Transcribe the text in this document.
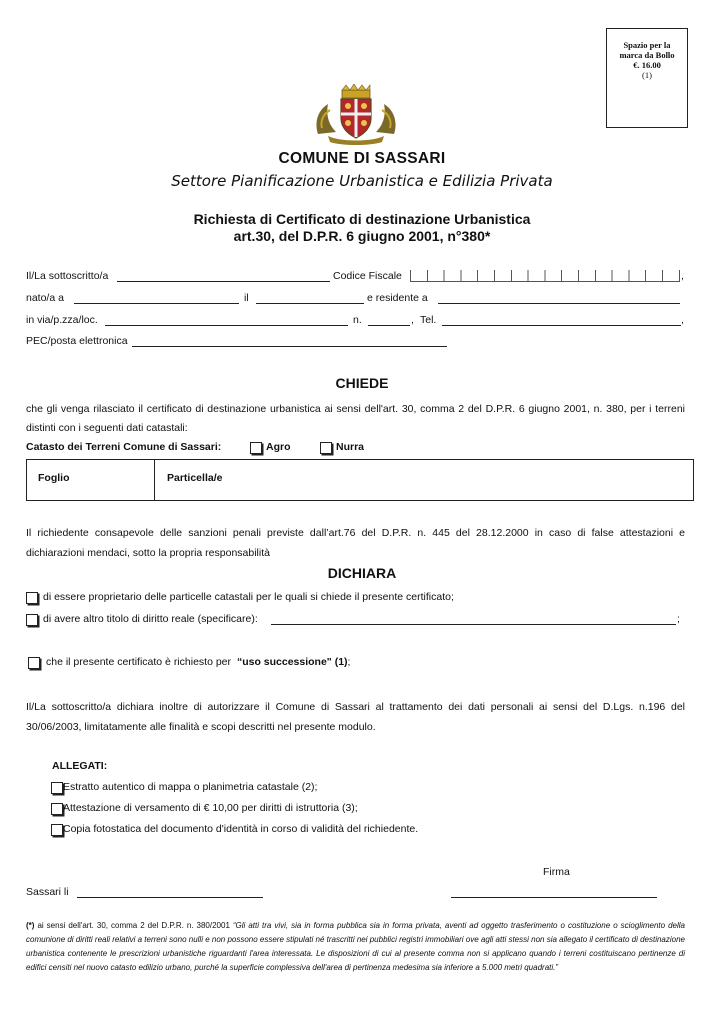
Spazio per la
marca da Bollo
€. 16.00
(1)
COMUNE DI SASSARI
Settore Pianificazione Urbanistica e Edilizia Privata
Richiesta di Certificato di destinazione Urbanistica
art.30, del D.P.R. 6 giugno 2001, n°380*
Il/La sottoscritto/a	Codice Fiscale	,
nato/a a	il	e residente a
in via/p.zza/loc.	n.	, Tel.	,
PEC/posta elettronica
CHIEDE
che gli venga rilasciato il certificato di destinazione urbanistica ai sensi dell'art. 30, comma 2 del D.P.R. 6 giugno 2001, n. 380, per i terreni distinti con i seguenti dati catastali:
Catasto dei Terreni Comune di Sassari:	Agro	Nurra
Foglio	Particella/e
Il richiedente consapevole delle sanzioni penali previste dall’art.76 del D.P.R. n. 445 del 28.12.2000 in caso di false attestazioni e dichiarazioni mendaci, sotto la propria responsabilità
DICHIARA
di essere proprietario delle particelle catastali per le quali si chiede il presente certificato;
di avere altro titolo di diritto reale (specificare):	;
che il presente certificato è richiesto per “uso successione" (1);
Il/La sottoscritto/a dichiara inoltre di autorizzare il Comune di Sassari al trattamento dei dati personali ai sensi del D.Lgs. n.196 del 30/06/2003, limitatamente alle finalità e scopi descritti nel presente modulo.
ALLEGATI:
Estratto autentico di mappa o planimetria catastale (2);
Attestazione di versamento di € 10,00 per diritti di istruttoria (3);
Copia fotostatica del documento d'identità in corso di validità del richiedente.
Firma
Sassari li
(*) ai sensi dell'art. 30, comma 2 del D.P.R. n. 380/2001 “Gli atti tra vivi, sia in forma pubblica sia in forma privata, aventi ad oggetto trasferimento o costituzione o scioglimento della comunione di diritti reali relativi a terreni sono nulli e non possono essere stipulati né trascritti nei pubblici registri immobiliari ove agli atti stessi non sia allegato il certificato di destinazione urbanistica contenente le prescrizioni urbanistiche riguardanti l'area interessata. Le disposizioni di cui al presente comma non si applicano quando i terreni costituiscano pertinenze di edifici censiti nel nuovo catasto edilizio urbano, purché la superficie complessiva dell'area di pertinenza medesima sia inferiore a 5.000 metri quadrati.”
